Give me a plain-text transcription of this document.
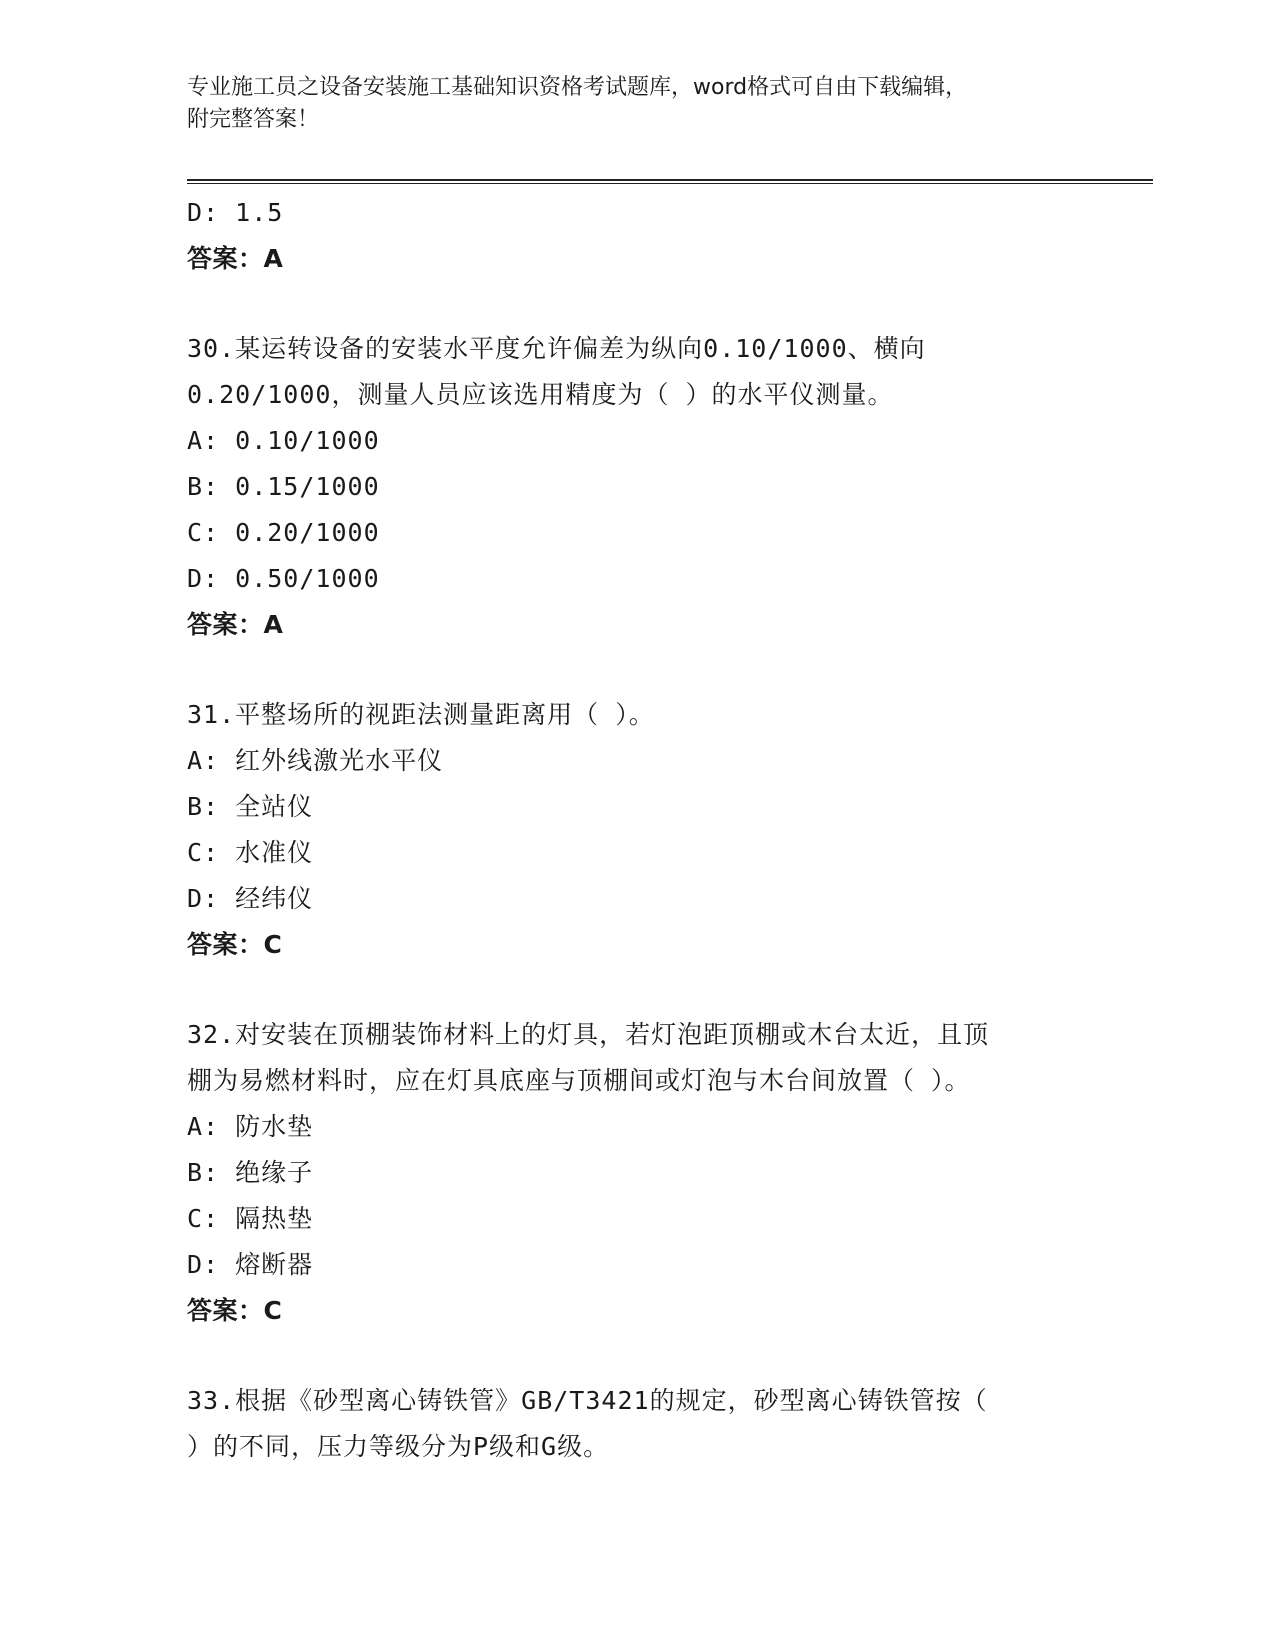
专业施工员之设备安装施工基础知识资格考试题库，word格式可自由下载编辑，
附完整答案！
D: 1.5
答案：A
30.某运转设备的安装水平度允许偏差为纵向0.10/1000、横向
0.20/1000，测量人员应该选用精度为（ ）的水平仪测量。
A: 0.10/1000
B: 0.15/1000
C: 0.20/1000
D: 0.50/1000
答案：A
31.平整场所的视距法测量距离用（ ）。
A: 红外线激光水平仪
B: 全站仪
C: 水准仪
D: 经纬仪
答案：C
32.对安装在顶棚装饰材料上的灯具，若灯泡距顶棚或木台太近，且顶
棚为易燃材料时，应在灯具底座与顶棚间或灯泡与木台间放置（ ）。
A: 防水垫
B: 绝缘子
C: 隔热垫
D: 熔断器
答案：C
33.根据《砂型离心铸铁管》GB/T3421的规定，砂型离心铸铁管按（
）的不同，压力等级分为P级和G级。
